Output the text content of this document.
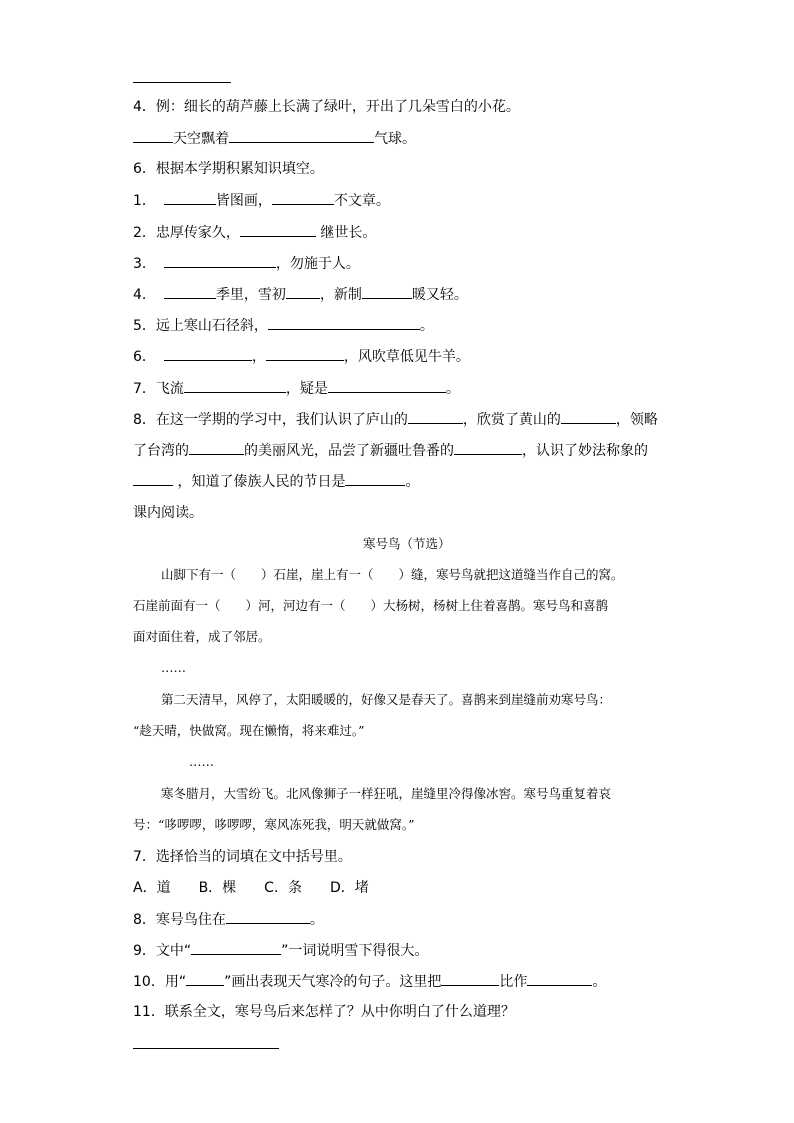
4．例：细长的葫芦藤上长满了绿叶，开出了几朵雪白的小花。
天空飘着	气球。
6．根据本学期积累知识填空。
1．	皆图画，	不文章。
2．忠厚传家久，	继世长。
3．	，勿施于人。
4．	季里，雪初 ，新制	暖又轻。
5．远上寒山石径斜，	。
6．	，	，风吹草低见牛羊。
7．飞流	，疑是	。
8．在这一学期的学习中，我们认识了庐山的	，欣赏了黄山的	，领略
了台湾的	的美丽风光，品尝了新疆吐鲁番的	，认识了妙法称象的
，知道了傣族人民的节日是	。
课内阅读。
寒号鸟（节选）
山脚下有一（　　）石崖，崖上有一（　　）缝，寒号鸟就把这道缝当作自己的窝。
石崖前面有一（　　）河，河边有一（　　）大杨树，杨树上住着喜鹊。寒号鸟和喜鹊
面对面住着，成了邻居。
……
第二天清早，风停了，太阳暖暖的，好像又是春天了。喜鹊来到崖缝前劝寒号鸟：
“趁天晴，快做窝。现在懒惰，将来难过。”
……
寒冬腊月，大雪纷飞。北风像狮子一样狂吼，崖缝里冷得像冰窖。寒号鸟重复着哀
号：“哆啰啰，哆啰啰，寒风冻死我，明天就做窝。”
7．选择恰当的词填在文中括号里。
A．道　　B．棵　　C．条　　D．堵
8．寒号鸟住在	。
9．文中“	”一词说明雪下得很大。
10．用“	”画出表现天气寒冷的句子。这里把	比作	。
11．联系全文，寒号鸟后来怎样了？从中你明白了什么道理？
